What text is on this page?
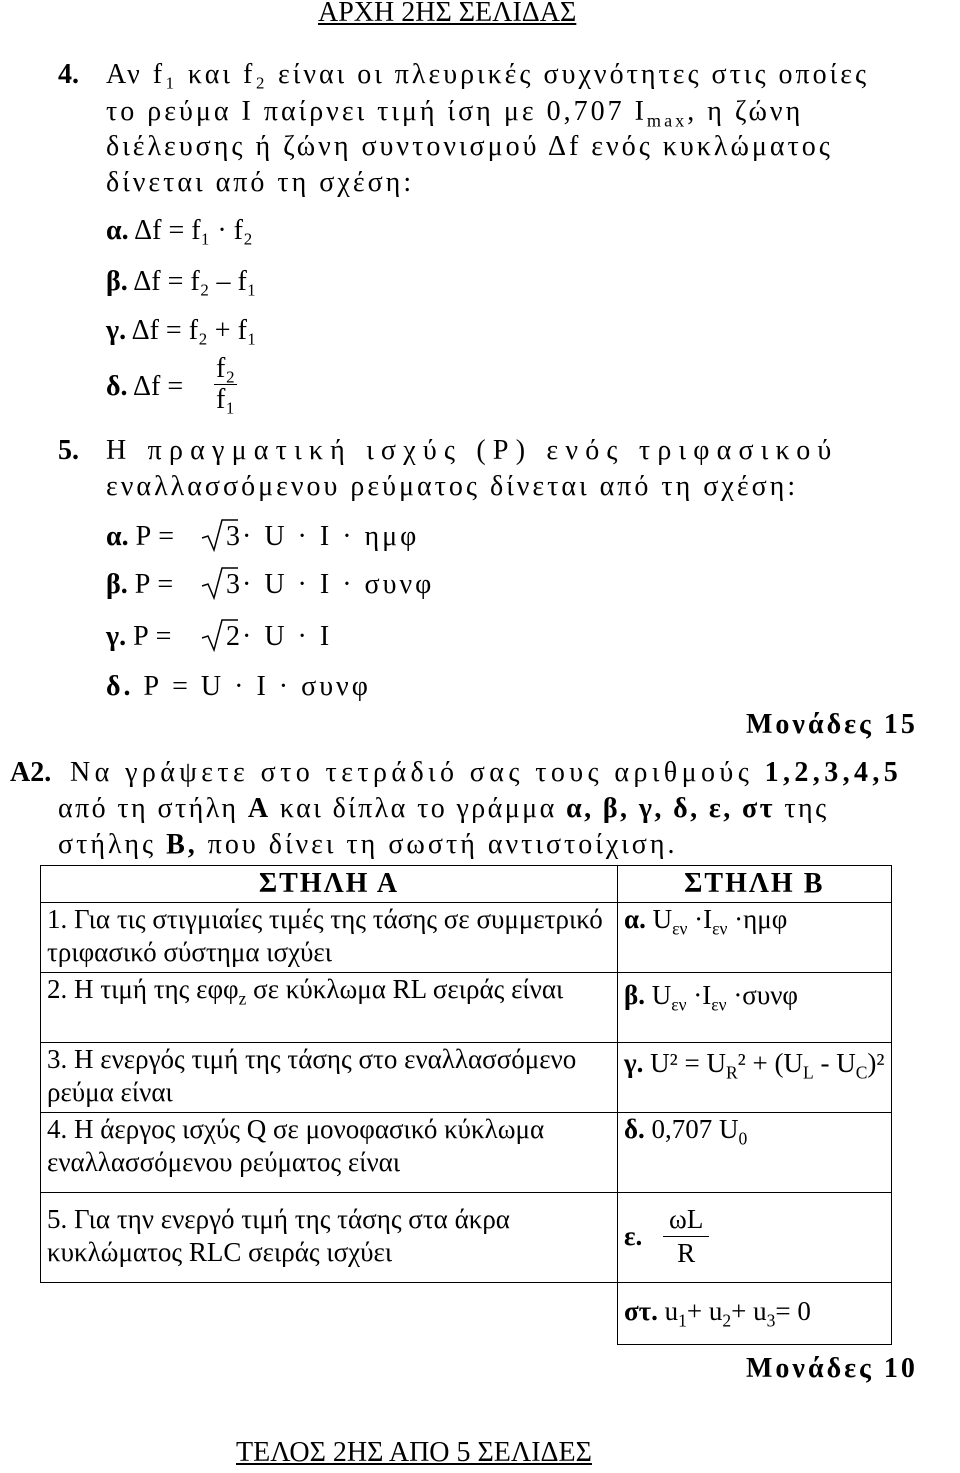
ΑΡΧΗ 2ΗΣ ΣΕΛΙΔΑΣ
4. Αν f₁ και f₂ είναι οι πλευρικές συχνότητες στις οποίες
το ρεύμα Ι παίρνει τιμή ίση με 0,707 $I_{max}$, η ζώνη
διέλευσης ή ζώνη συντονισμού Δf ενός κυκλώματος
δίνεται από τη σχέση:
α. Δf = f₁ · f₂
β. Δf = f₂ – f₁
γ. Δf = f₂ + f₁
δ. $\Delta f = \frac{\text{f₂}}{\text{f₁}}$
5. Η πραγματική ισχύς (Ρ) ενός τριφασικού
εναλλασσόμενου ρεύματος δίνεται από τη σχέση:
α. Ρ = 3 · U · I · ημφ
β. Ρ = 3 · U · I · συνφ
γ. Ρ = 2 · U · I
δ. Ρ = U · I · συνφ
Μονάδες 15
Α2. Να γράψετε στο τετράδιό σας τους αριθμούς 1,2,3,4,5
από τη στήλη Α και δίπλα το γράμμα α, β, γ, δ, ε, στ της
στήλης Β, που δίνει τη σωστή αντιστοίχιση.
ΣΤΗΛΗ Α	ΣΤΗΛΗ Β
1. Για τις στιγμιαίες τιμές της τάσης σε συμμετρικό τριφασικό σύστημα ισχύει	α. $U_{\varepsilon\nu} \cdot I_{\varepsilon\nu} \cdot\eta\mu\varphi$
2. Η τιμή της εφφ$_z$ σε κύκλωμα RL σειράς είναι	β. $U_{\varepsilon\nu} \cdot I_{\varepsilon\nu} \cdot\sigma\upsilon\nu\varphi$
3. Η ενεργός τιμή της τάσης στο εναλλασσόμενο ρεύμα είναι	γ. $U^2 = U_R^2 + (U_L - U_C)^2$
4. Η άεργος ισχύς Q σε μονοφασικό κύκλωμα εναλλασσόμενου ρεύματος είναι	δ. 0,707 $U_0$
5. Για την ενεργό τιμή της τάσης στα άκρα κυκλώματος RLC σειράς ισχύει	ε. $\frac{\omega L}{R}$

	στ. $u_1+ u_2+ u_3= 0$
Μονάδες 10
ΤΕΛΟΣ 2ΗΣ ΑΠΟ 5 ΣΕΛΙΔΕΣ
